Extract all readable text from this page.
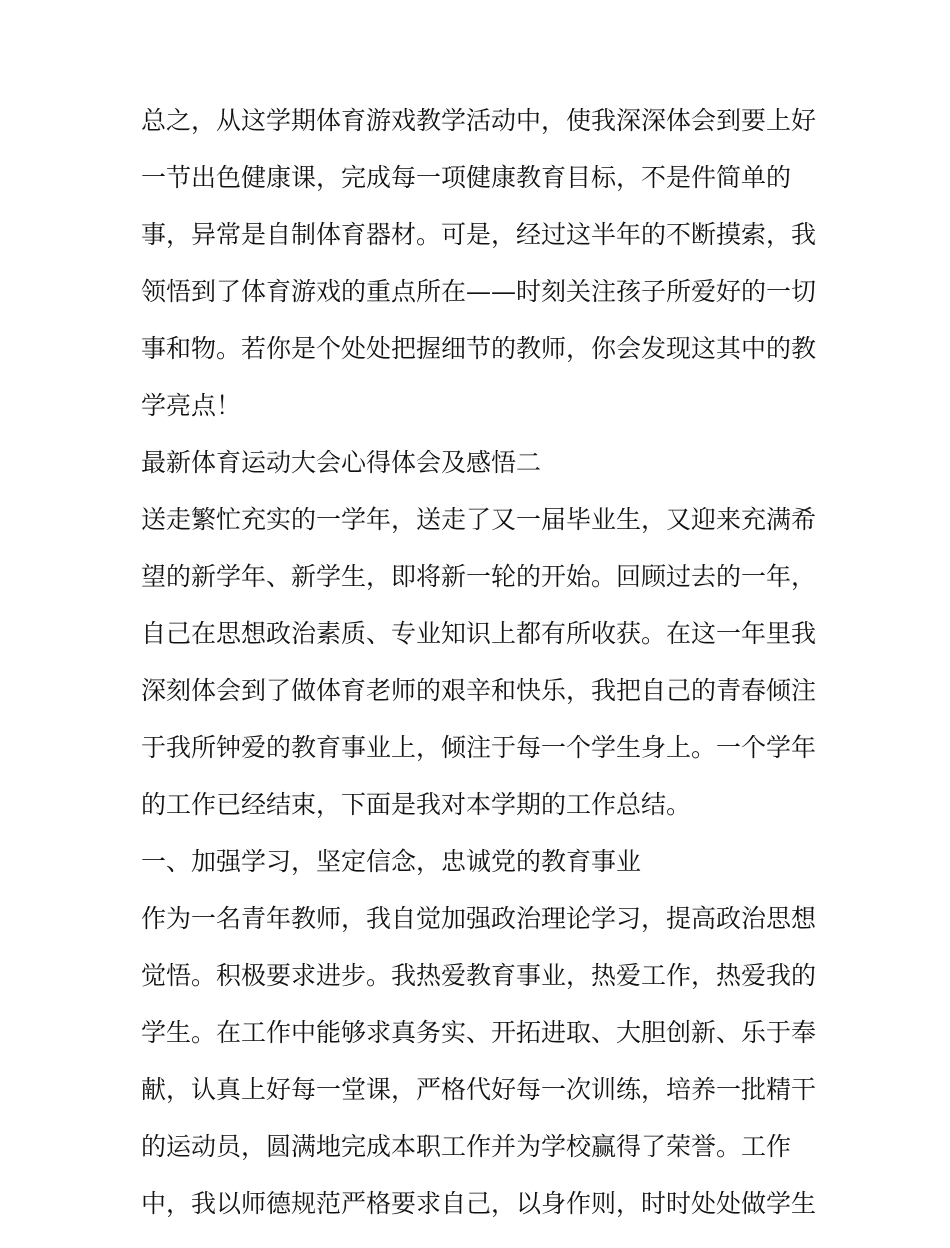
总之，从这学期体育游戏教学活动中，使我深深体会到要上好
一节出色健康课，完成每一项健康教育目标，不是件简单的
事，异常是自制体育器材。可是，经过这半年的不断摸索，我
领悟到了体育游戏的重点所在——时刻关注孩子所爱好的一切
事和物。若你是个处处把握细节的教师，你会发现这其中的教
学亮点！
最新体育运动大会心得体会及感悟二
送走繁忙充实的一学年，送走了又一届毕业生，又迎来充满希
望的新学年、新学生，即将新一轮的开始。回顾过去的一年，
自己在思想政治素质、专业知识上都有所收获。在这一年里我
深刻体会到了做体育老师的艰辛和快乐，我把自己的青春倾注
于我所钟爱的教育事业上，倾注于每一个学生身上。一个学年
的工作已经结束，下面是我对本学期的工作总结。
一、加强学习，坚定信念，忠诚党的教育事业
作为一名青年教师，我自觉加强政治理论学习，提高政治思想
觉悟。积极要求进步。我热爱教育事业，热爱工作，热爱我的
学生。在工作中能够求真务实、开拓进取、大胆创新、乐于奉
献，认真上好每一堂课，严格代好每一次训练，培养一批精干
的运动员，圆满地完成本职工作并为学校赢得了荣誉。工作
中，我以师德规范严格要求自己，以身作则，时时处处做学生
